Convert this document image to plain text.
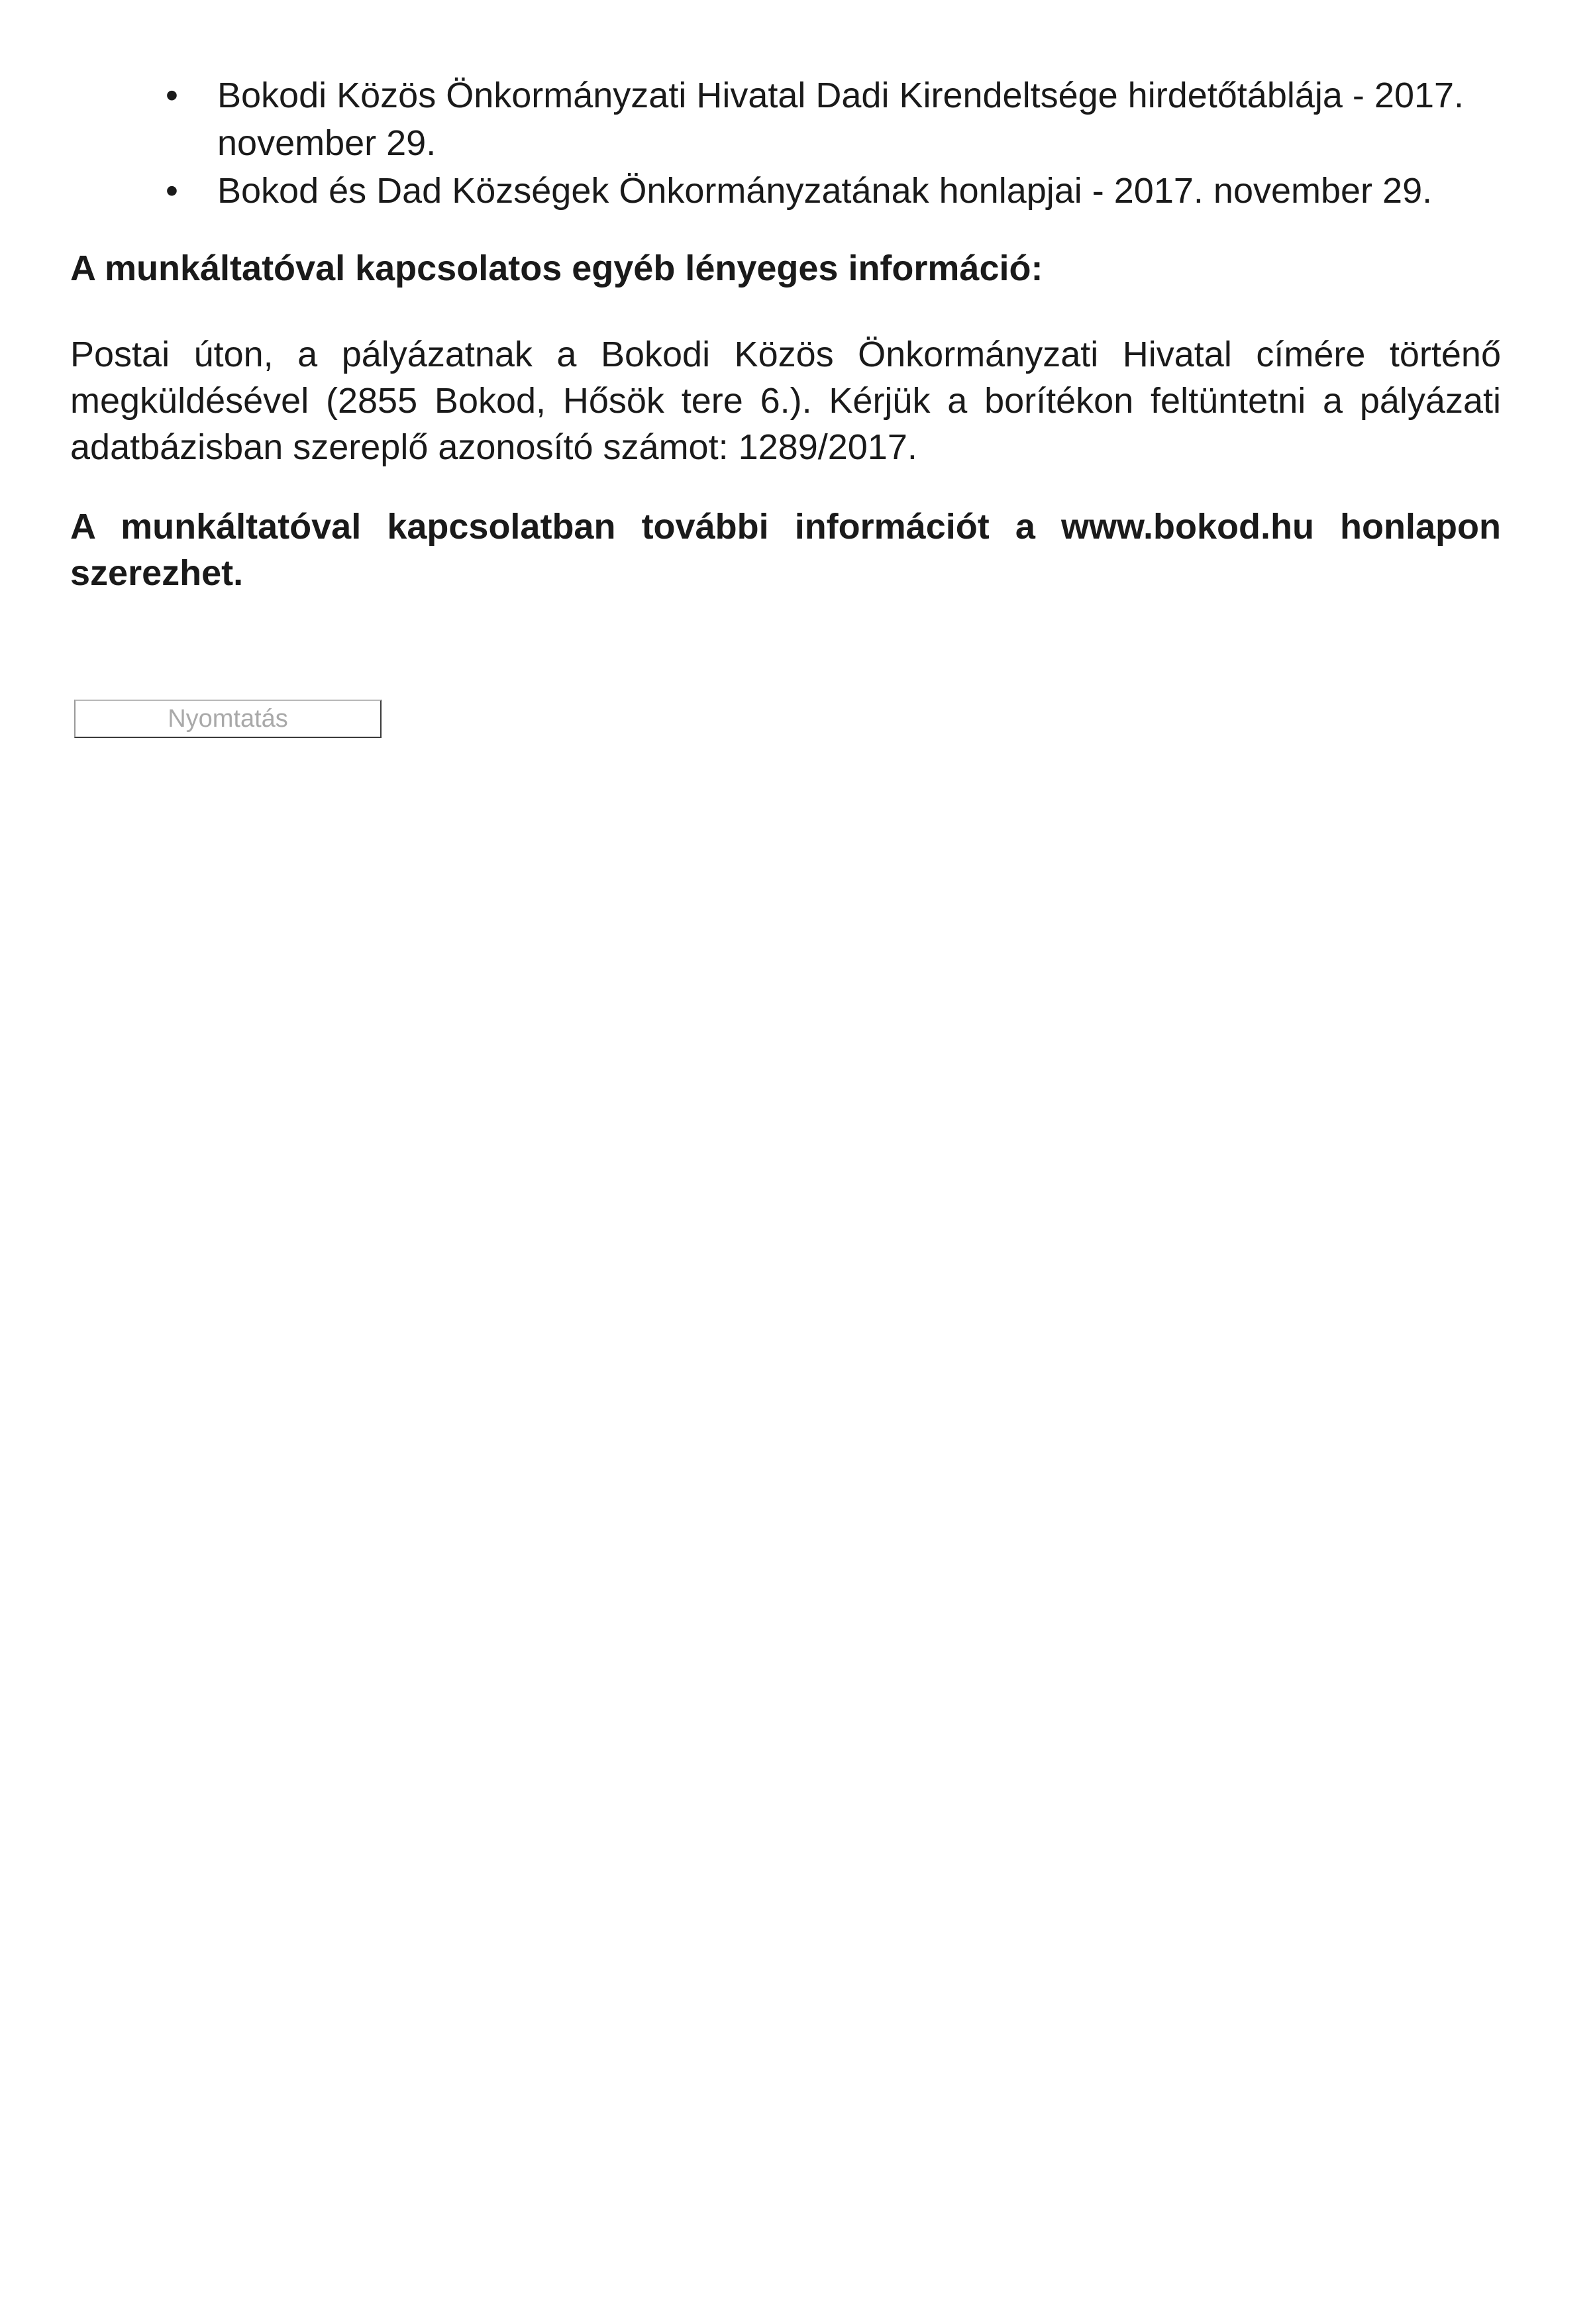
• Bokodi Közös Önkormányzati Hivatal Dadi Kirendeltsége hirdetőtáblája - 2017. november 29.
• Bokod és Dad Községek Önkormányzatának honlapjai - 2017. november 29.
A munkáltatóval kapcsolatos egyéb lényeges információ:

Postai úton, a pályázatnak a Bokodi Közös Önkormányzati Hivatal címére történő megküldésével (2855 Bokod, Hősök tere 6.). Kérjük a borítékon feltüntetni a pályázati adatbázisban szereplő azonosító számot: 1289/2017.

A munkáltatóval kapcsolatban további információt a www.bokod.hu honlapon szerezhet.

Nyomtatás
